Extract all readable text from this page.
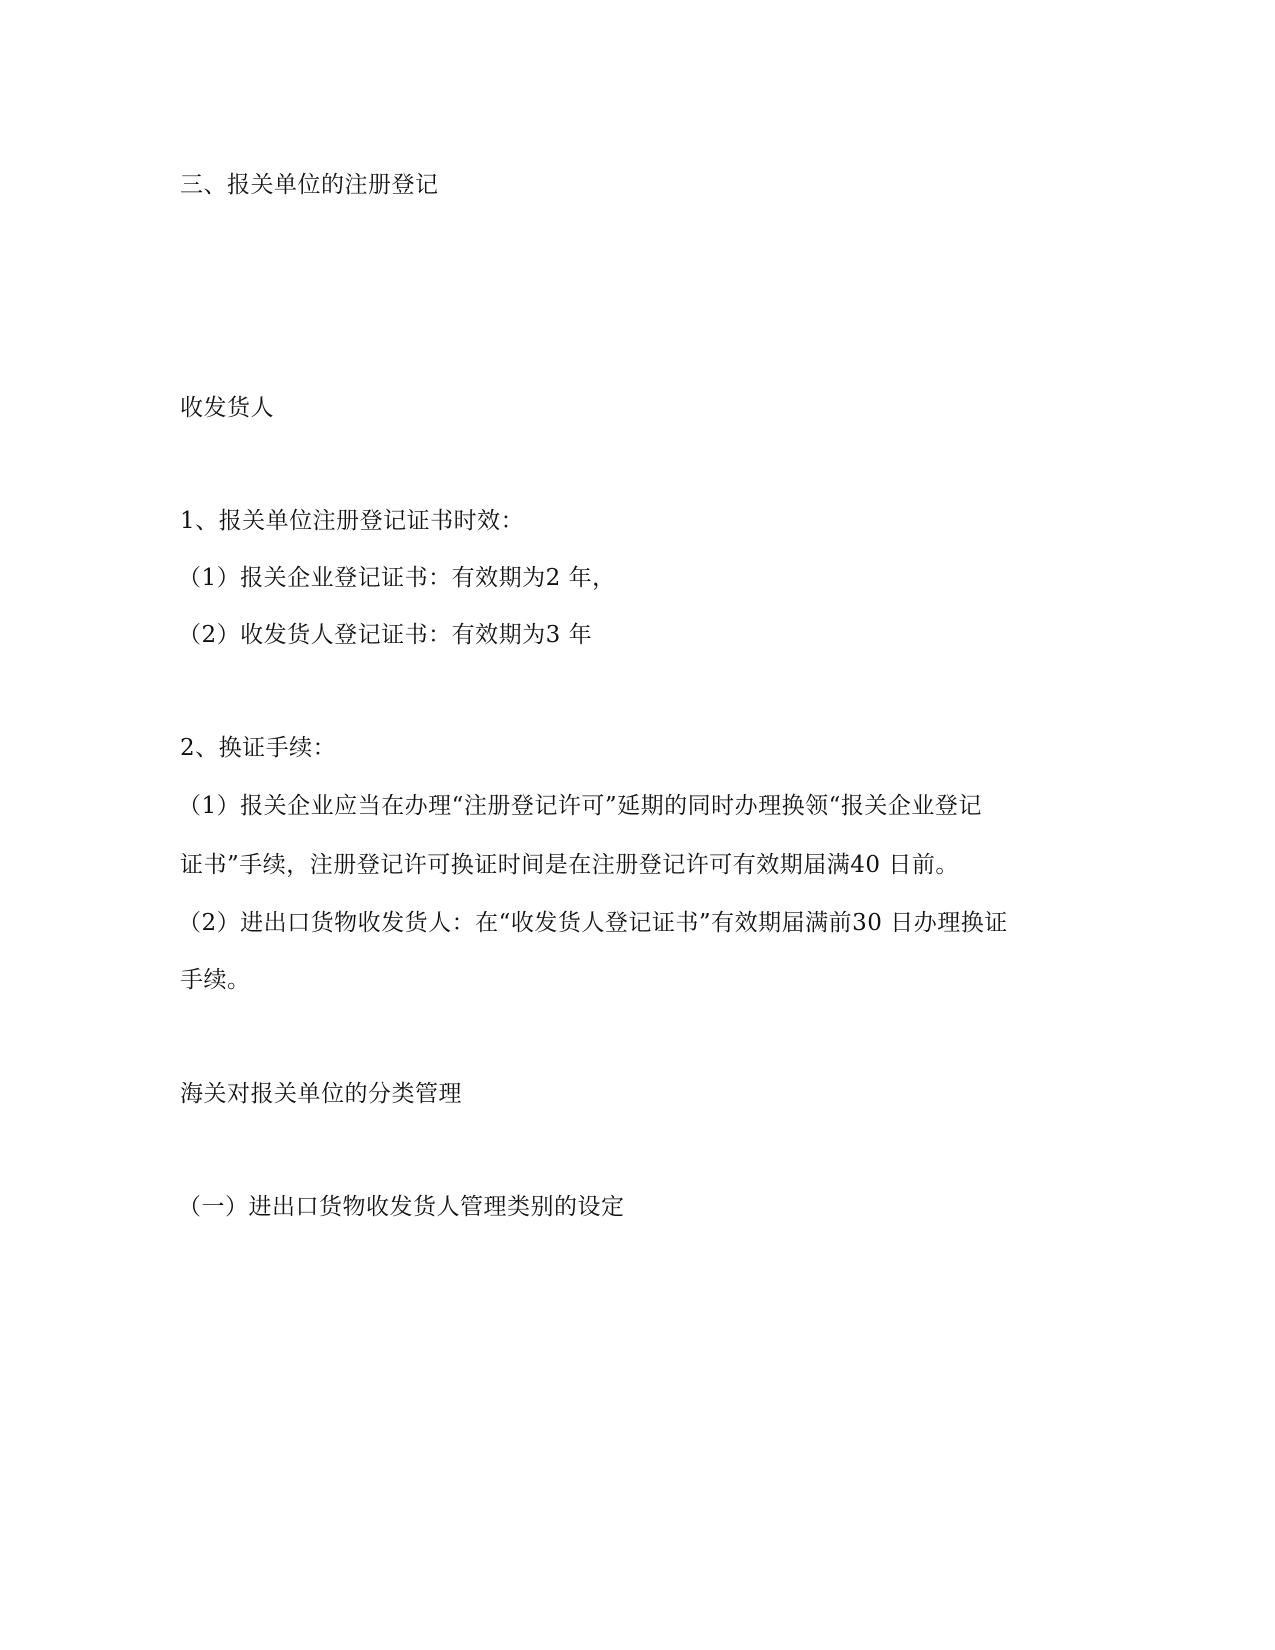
三、报关单位的注册登记
收发货人
1、报关单位注册登记证书时效：
（1）报关企业登记证书：有效期为2 年，
（2）收发货人登记证书：有效期为3 年
2、换证手续：
（1）报关企业应当在办理“注册登记许可”延期的同时办理换领“报关企业登记
证书”手续，注册登记许可换证时间是在注册登记许可有效期届满40 日前。
（2）进出口货物收发货人：在“收发货人登记证书”有效期届满前30 日办理换证
手续。
海关对报关单位的分类管理
（一）进出口货物收发货人管理类别的设定
